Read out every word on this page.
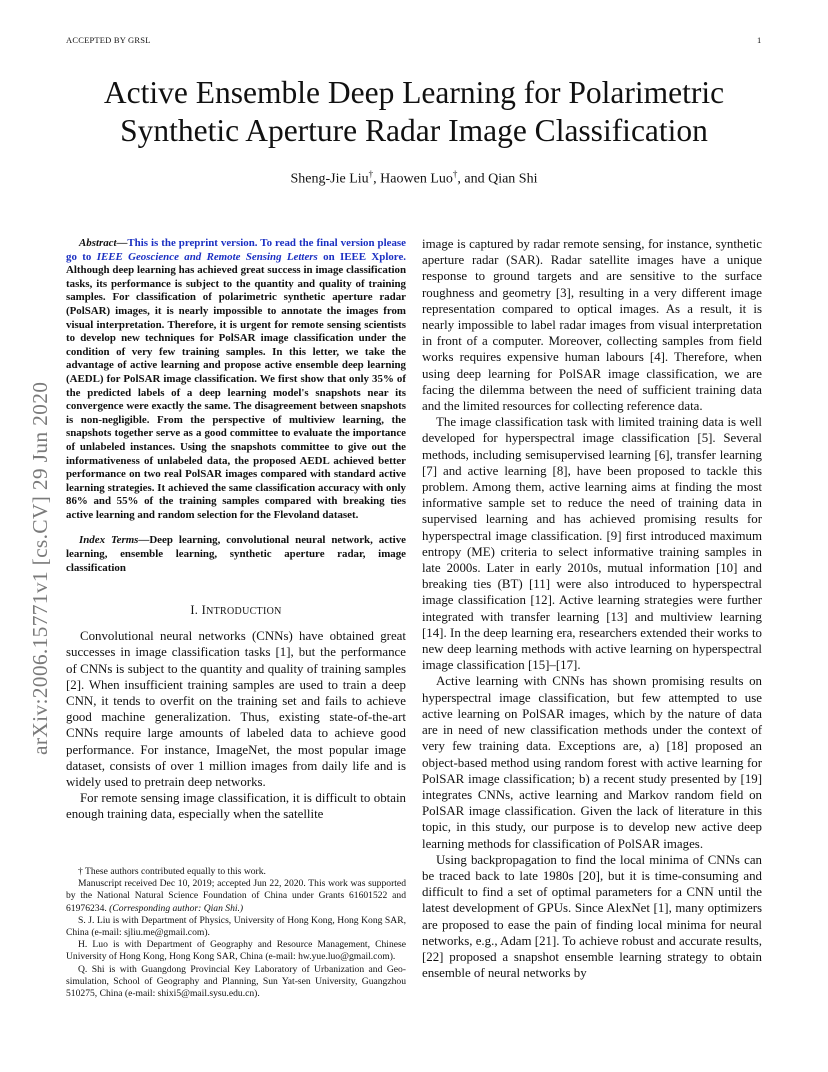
ACCEPTED BY GRSL	1
Active Ensemble Deep Learning for Polarimetric
Synthetic Aperture Radar Image Classification
Sheng-Jie Liu†, Haowen Luo†, and Qian Shi
arXiv:2006.15771v1 [cs.CV] 29 Jun 2020

Abstract—This is the preprint version. To read the final version please go to IEEE Geoscience and Remote Sensing Letters on IEEE Xplore. Although deep learning has achieved great success in image classification tasks, its performance is subject to the quantity and quality of training samples. For classification of polarimetric synthetic aperture radar (PolSAR) images, it is nearly impossible to annotate the images from visual interpretation. Therefore, it is urgent for remote sensing scientists to develop new techniques for PolSAR image classification under the condition of very few training samples. In this letter, we take the advantage of active learning and propose active ensemble deep learning (AEDL) for PolSAR image classification. We first show that only 35% of the predicted labels of a deep learning model's snapshots near its convergence were exactly the same. The disagreement between snapshots is non-negligible. From the perspective of multiview learning, the snapshots together serve as a good committee to evaluate the importance of unlabeled instances. Using the snapshots committee to give out the informativeness of unlabeled data, the proposed AEDL achieved better performance on two real PolSAR images compared with standard active learning strategies. It achieved the same classification accuracy with only 86% and 55% of the training samples compared with breaking ties active learning and random selection for the Flevoland dataset.

Index Terms—Deep learning, convolutional neural network, active learning, ensemble learning, synthetic aperture radar, image classification

I. INTRODUCTION

Convolutional neural networks (CNNs) have obtained great successes in image classification tasks [1], but the performance of CNNs is subject to the quantity and quality of training samples [2]. When insufficient training samples are used to train a deep CNN, it tends to overfit on the training set and fails to achieve good machine generalization. Thus, existing state-of-the-art CNNs require large amounts of labeled data to achieve good performance. For instance, ImageNet, the most popular image dataset, consists of over 1 million images from daily life and is widely used to pretrain deep networks.

For remote sensing image classification, it is difficult to obtain enough training data, especially when the satellite

image is captured by radar remote sensing, for instance, synthetic aperture radar (SAR). Radar satellite images have a unique response to ground targets and are sensitive to the surface roughness and geometry [3], resulting in a very different image representation compared to optical images. As a result, it is nearly impossible to label radar images from visual interpretation in front of a computer. Moreover, collecting samples from field works requires expensive human labours [4]. Therefore, when using deep learning for PolSAR image classification, we are facing the dilemma between the need of sufficient training data and the limited resources for collecting reference data.

The image classification task with limited training data is well developed for hyperspectral image classification [5]. Several methods, including semisupervised learning [6], transfer learning [7] and active learning [8], have been proposed to tackle this problem. Among them, active learning aims at finding the most informative sample set to reduce the need of training data in supervised learning and has achieved promising results for hyperspectral image classification. [9] first introduced maximum entropy (ME) criteria to select informative training samples in late 2000s. Later in early 2010s, mutual information [10] and breaking ties (BT) [11] were also introduced to hyperspectral image classification [12]. Active learning strategies were further integrated with transfer learning [13] and multiview learning [14]. In the deep learning era, researchers extended their works to new deep learning methods with active learning on hyperspectral image classification [15]–[17].

Active learning with CNNs has shown promising results on hyperspectral image classification, but few attempted to use active learning on PolSAR images, which by the nature of data are in need of new classification methods under the context of very few training data. Exceptions are, a) [18] proposed an object-based method using random forest with active learning for PolSAR image classification; b) a recent study presented by [19] integrates CNNs, active learning and Markov random field on PolSAR image classification. Given the lack of literature in this topic, in this study, our purpose is to develop new active deep learning methods for classification of PolSAR images.

Using backpropagation to find the local minima of CNNs can be traced back to late 1980s [20], but it is time-consuming and difficult to find a set of optimal parameters for a CNN until the latest development of GPUs. Since AlexNet [1], many optimizers are proposed to ease the pain of finding local minima for neural networks, e.g., Adam [21]. To achieve robust and accurate results, [22] proposed a snapshot ensemble learning strategy to obtain ensemble of neural networks by

† These authors contributed equally to this work.

Manuscript received Dec 10, 2019; accepted Jun 22, 2020. This work was supported by the National Natural Science Foundation of China under Grants 61601522 and 61976234. (Corresponding author: Qian Shi.)

S. J. Liu is with Department of Physics, University of Hong Kong, Hong Kong SAR, China (e-mail: sjliu.me@gmail.com).

H. Luo is with Department of Geography and Resource Management, Chinese University of Hong Kong, Hong Kong SAR, China (e-mail: hw.yue.luo@gmail.com).

Q. Shi is with Guangdong Provincial Key Laboratory of Urbanization and Geo-simulation, School of Geography and Planning, Sun Yat-sen University, Guangzhou 510275, China (e-mail: shixi5@mail.sysu.edu.cn).
